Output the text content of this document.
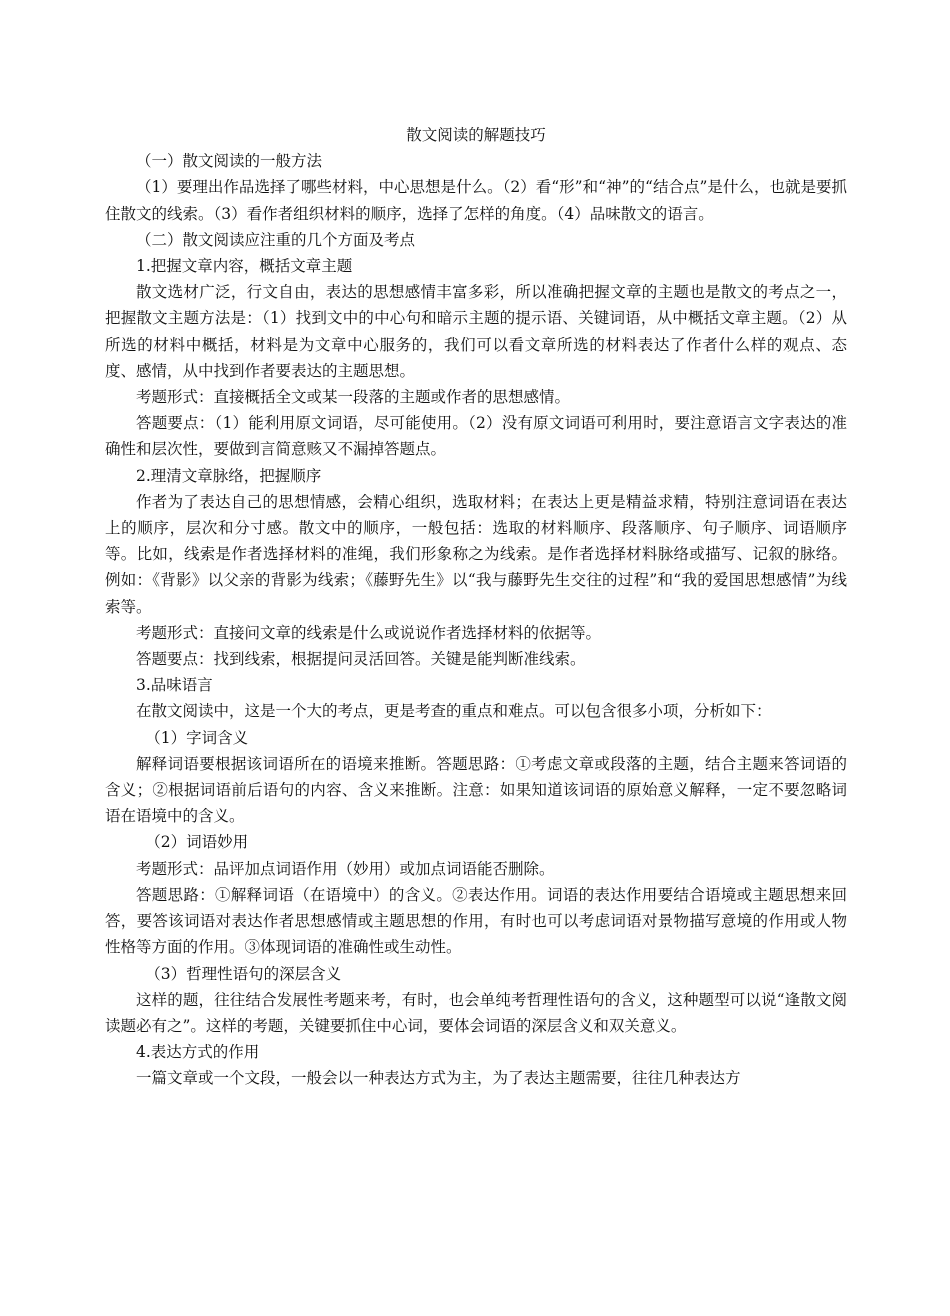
散文阅读的解题技巧

（一）散文阅读的一般方法

（1）要理出作品选择了哪些材料，中心思想是什么。（2）看“形”和“神”的“结合点”是什么，也就是要抓住散文的线索。（3）看作者组织材料的顺序，选择了怎样的角度。（4）品味散文的语言。

（二）散文阅读应注重的几个方面及考点

1.把握文章内容，概括文章主题

散文选材广泛，行文自由，表达的思想感情丰富多彩，所以准确把握文章的主题也是散文的考点之一，把握散文主题方法是：（1）找到文中的中心句和暗示主题的提示语、关键词语，从中概括文章主题。（2）从所选的材料中概括，材料是为文章中心服务的，我们可以看文章所选的材料表达了作者什么样的观点、态度、感情，从中找到作者要表达的主题思想。

考题形式：直接概括全文或某一段落的主题或作者的思想感情。

答题要点：（1）能利用原文词语，尽可能使用。（2）没有原文词语可利用时，要注意语言文字表达的准确性和层次性，要做到言简意赅又不漏掉答题点。

2.理清文章脉络，把握顺序

作者为了表达自己的思想情感，会精心组织，选取材料；在表达上更是精益求精，特别注意词语在表达上的顺序，层次和分寸感。散文中的顺序，一般包括：选取的材料顺序、段落顺序、句子顺序、词语顺序等。比如，线索是作者选择材料的准绳，我们形象称之为线索。是作者选择材料脉络或描写、记叙的脉络。例如：《背影》以父亲的背影为线索；《藤野先生》以“我与藤野先生交往的过程”和“我的爱国思想感情”为线索等。

考题形式：直接问文章的线索是什么或说说作者选择材料的依据等。

答题要点：找到线索，根据提问灵活回答。关键是能判断准线索。

3.品味语言

在散文阅读中，这是一个大的考点，更是考查的重点和难点。可以包含很多小项，分析如下：

（1）字词含义

解释词语要根据该词语所在的语境来推断。答题思路：①考虑文章或段落的主题，结合主题来答词语的含义；②根据词语前后语句的内容、含义来推断。注意：如果知道该词语的原始意义解释，一定不要忽略词语在语境中的含义。

（2）词语妙用

考题形式：品评加点词语作用（妙用）或加点词语能否删除。

答题思路：①解释词语（在语境中）的含义。②表达作用。词语的表达作用要结合语境或主题思想来回答，要答该词语对表达作者思想感情或主题思想的作用，有时也可以考虑词语对景物描写意境的作用或人物性格等方面的作用。③体现词语的准确性或生动性。

（3）哲理性语句的深层含义

这样的题，往往结合发展性考题来考，有时，也会单纯考哲理性语句的含义，这种题型可以说“逢散文阅读题必有之”。这样的考题，关键要抓住中心词，要体会词语的深层含义和双关意义。

4.表达方式的作用

一篇文章或一个文段，一般会以一种表达方式为主，为了表达主题需要，往往几种表达方
